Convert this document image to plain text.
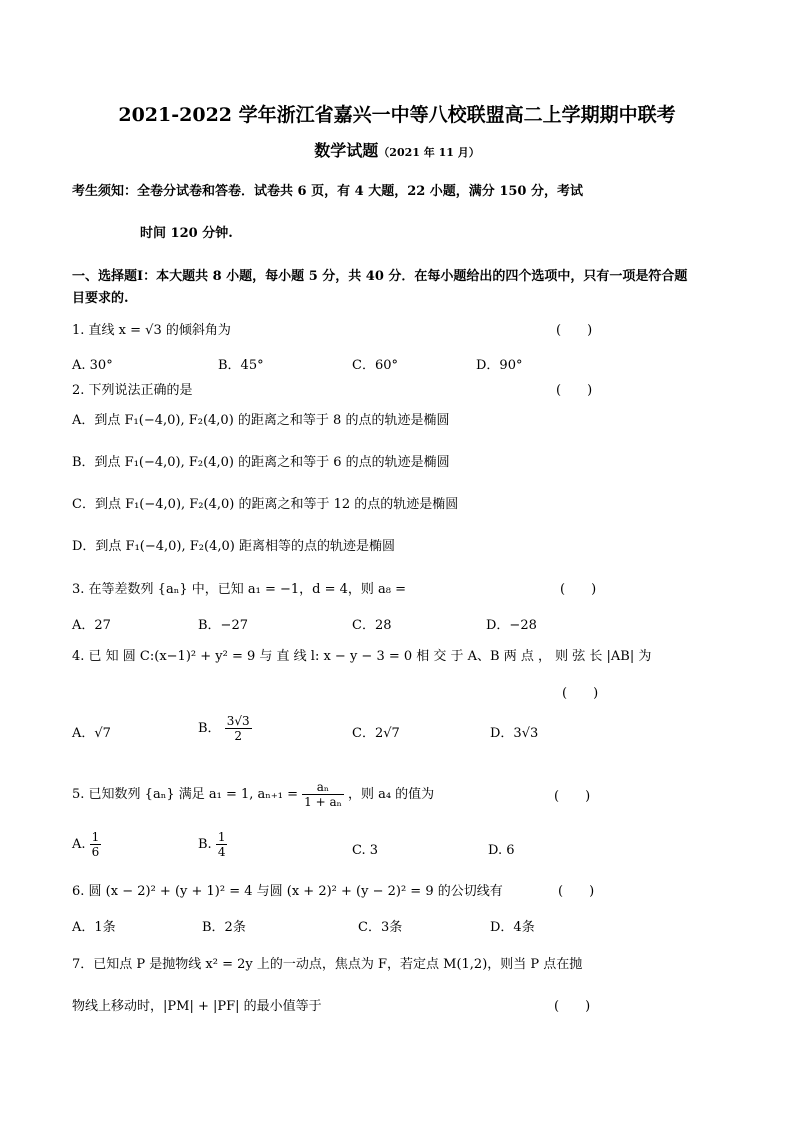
2021-2022 学年浙江省嘉兴一中等八校联盟高二上学期期中联考
数学试题（2021 年 11 月）
考生须知：全卷分试卷和答卷．试卷共 6 页，有 4 大题，22 小题，满分 150 分，考试
时间 120 分钟.
一、选择题Ⅰ：本大题共 8 小题，每小题 5 分，共 40 分．在每小题给出的四个选项中，只有一项是符合题
目要求的.
1. 直线 x = √3 的倾斜角为	(　　)
A. 30°	B．45°	C．60°	D．90°
2. 下列说法正确的是	(　　)
A．到点 F₁(−4,0), F₂(4,0) 的距离之和等于 8 的点的轨迹是椭圆
B．到点 F₁(−4,0), F₂(4,0) 的距离之和等于 6 的点的轨迹是椭圆
C．到点 F₁(−4,0), F₂(4,0) 的距离之和等于 12 的点的轨迹是椭圆
D．到点 F₁(−4,0), F₂(4,0) 距离相等的点的轨迹是椭圆
3. 在等差数列 {aₙ} 中，已知 a₁ = −1，d = 4，则 a₈ =	(　　)
A．27	B．−27	C．28	D．−28
4. 已 知 圆 C:(x−1)² + y² = 9 与 直 线 l: x − y − 3 = 0 相 交 于 A、B 两 点 ， 则 弦 长 |AB| 为
(　　)
A．√7	B． $\frac{3√3}{2}$	C．2√7	D．3√3
5. 已知数列 {aₙ} 满足 a₁ = 1, $a_{n+1} = \frac{\text{aₙ}}{\text{1 + aₙ}}$ ，则 a₄ 的值为	(　　)
A. $\frac{1}{6}$	B. $\frac{1}{4}$	C. 3	D. 6
6. 圆 (x − 2)² + (y + 1)² = 4 与圆 (x + 2)² + (y − 2)² = 9 的公切线有	(　　)
A．1条	B．2条	C．3条	D．4条
7．已知点 P 是抛物线 x² = 2y 上的一动点，焦点为 F，若定点 M(1,2)，则当 P 点在抛
物线上移动时，|PM| + |PF| 的最小值等于	(　　)
